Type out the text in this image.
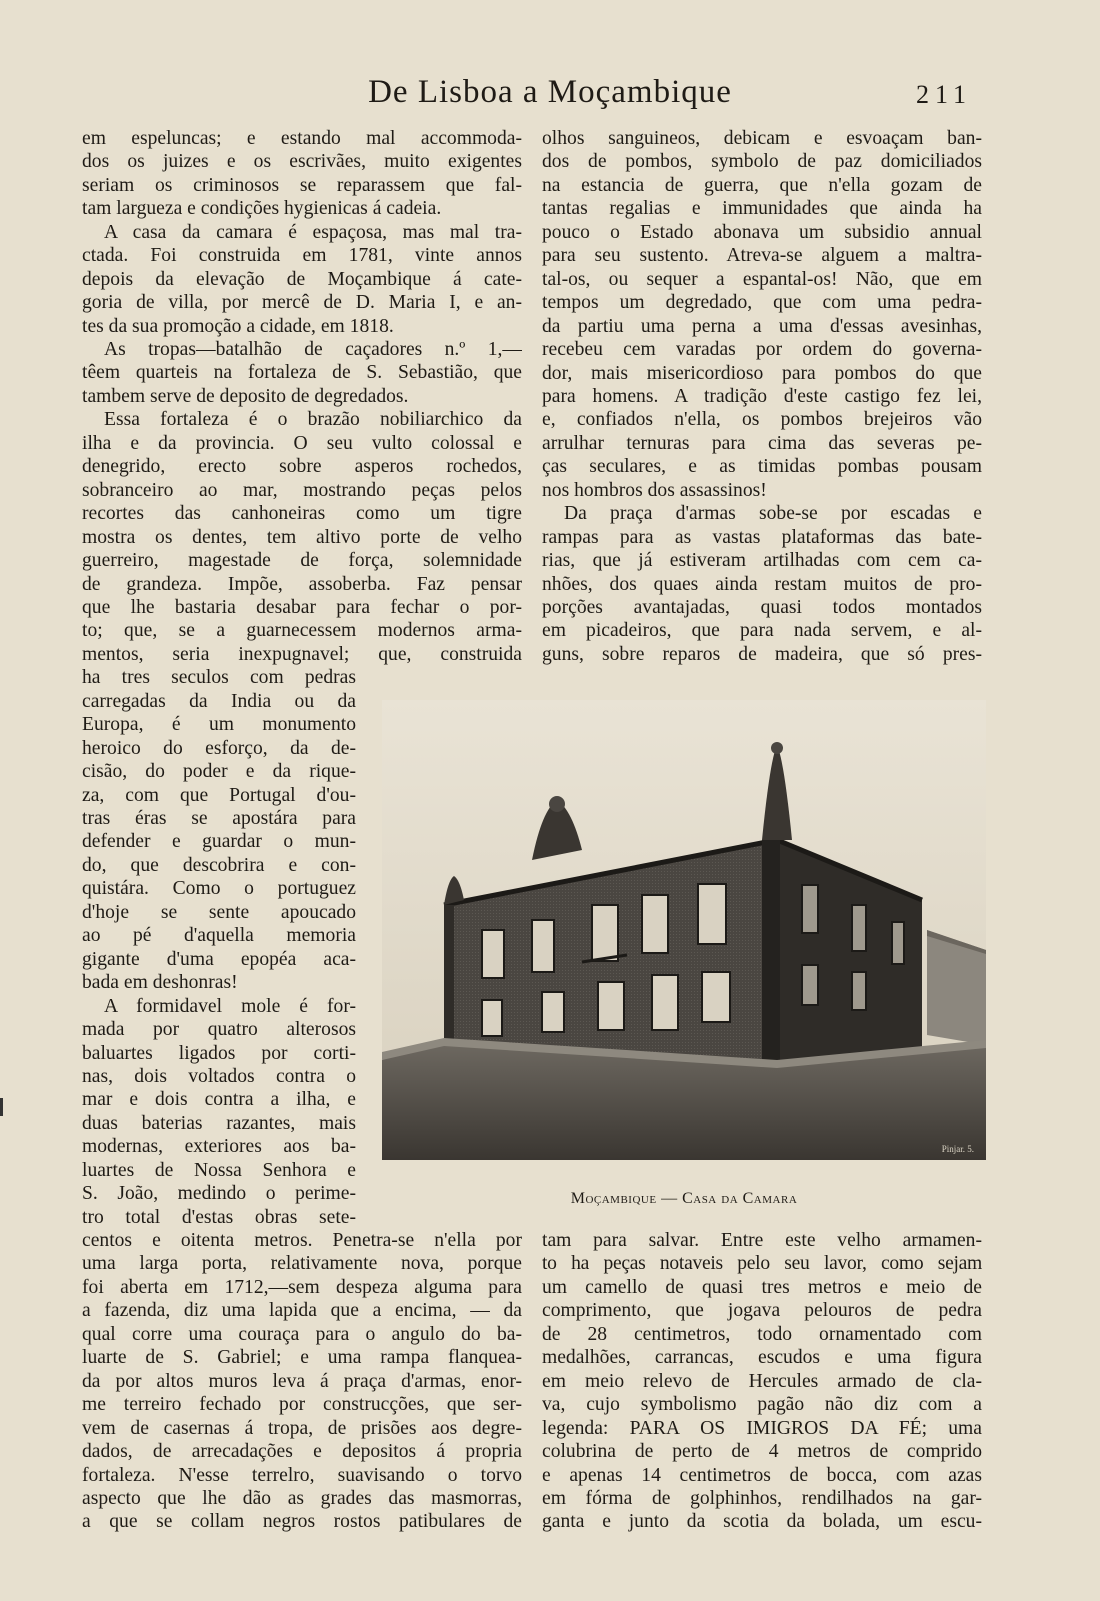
De Lisboa a Moçambique	211
em espeluncas; e estando mal accommoda-
dos os juizes e os escrivães, muito exigentes
seriam os criminosos se reparassem que fal-
tam largueza e condições hygienicas á cadeia.
A casa da camara é espaçosa, mas mal tra-
ctada. Foi construida em 1781, vinte annos
depois da elevação de Moçambique á cate-
goria de villa, por mercê de D. Maria I, e an-
tes da sua promoção a cidade, em 1818.
As tropas—batalhão de caçadores n.º 1,—
têem quarteis na fortaleza de S. Sebastião, que
tambem serve de deposito de degredados.
Essa fortaleza é o brazão nobiliarchico da
ilha e da provincia. O seu vulto colossal e
denegrido, erecto sobre asperos rochedos,
sobranceiro ao mar, mostrando peças pelos
recortes das canhoneiras como um tigre
mostra os dentes, tem altivo porte de velho
guerreiro, magestade de força, solemnidade
de grandeza. Impõe, assoberba. Faz pensar
que lhe bastaria desabar para fechar o por-
to; que, se a guarnecessem modernos arma-
mentos, seria inexpugnavel; que, construida
ha tres seculos com pedras
carregadas da India ou da
Europa, é um monumento
heroico do esforço, da de-
cisão, do poder e da rique-
za, com que Portugal d'ou-
tras éras se apostára para
defender e guardar o mun-
do, que descobrira e con-
quistára. Como o portuguez
d'hoje se sente apoucado
ao pé d'aquella memoria
gigante d'uma epopéa aca-
bada em deshonras!
A formidavel mole é for-
mada por quatro alterosos
baluartes ligados por corti-
nas, dois voltados contra o
mar e dois contra a ilha, e
duas baterias razantes, mais
modernas, exteriores aos ba-
luartes de Nossa Senhora e
S. João, medindo o perime-
tro total d'estas obras sete-
centos e oitenta metros. Penetra-se n'ella por
uma larga porta, relativamente nova, porque
foi aberta em 1712,—sem despeza alguma para
a fazenda, diz uma lapida que a encima, — da
qual corre uma couraça para o angulo do ba-
luarte de S. Gabriel; e uma rampa flanquea-
da por altos muros leva á praça d'armas, enor-
me terreiro fechado por construcções, que ser-
vem de casernas á tropa, de prisões aos degre-
dados, de arrecadações e depositos á propria
fortaleza. N'esse terrelro, suavisando o torvo
aspecto que lhe dão as grades das masmorras,
a que se collam negros rostos patibulares de
olhos sanguineos, debicam e esvoaçam ban-
dos de pombos, symbolo de paz domiciliados
na estancia de guerra, que n'ella gozam de
tantas regalias e immunidades que ainda ha
pouco o Estado abonava um subsidio annual
para seu sustento. Atreva-se alguem a maltra-
tal-os, ou sequer a espantal-os! Não, que em
tempos um degredado, que com uma pedra-
da partiu uma perna a uma d'essas avesinhas,
recebeu cem varadas por ordem do governa-
dor, mais misericordioso para pombos do que
para homens. A tradição d'este castigo fez lei,
e, confiados n'ella, os pombos brejeiros vão
arrulhar ternuras para cima das severas pe-
ças seculares, e as timidas pombas pousam
nos hombros dos assassinos!
Da praça d'armas sobe-se por escadas e
rampas para as vastas plataformas das bate-
rias, que já estiveram artilhadas com cem ca-
nhões, dos quaes ainda restam muitos de pro-
porções avantajadas, quasi todos montados
em picadeiros, que para nada servem, e al-
guns, sobre reparos de madeira, que só pres-
Pinjar. 5.
Moçambique — Casa da Camara
tam para salvar. Entre este velho armamen-
to ha peças notaveis pelo seu lavor, como sejam
um camello de quasi tres metros e meio de
comprimento, que jogava pelouros de pedra
de 28 centimetros, todo ornamentado com
medalhões, carrancas, escudos e uma figura
em meio relevo de Hercules armado de cla-
va, cujo symbolismo pagão não diz com a
legenda: PARA OS IMIGROS DA FÉ; uma
colubrina de perto de 4 metros de comprido
e apenas 14 centimetros de bocca, com azas
em fórma de golphinhos, rendilhados na gar-
ganta e junto da scotia da bolada, um escu-
